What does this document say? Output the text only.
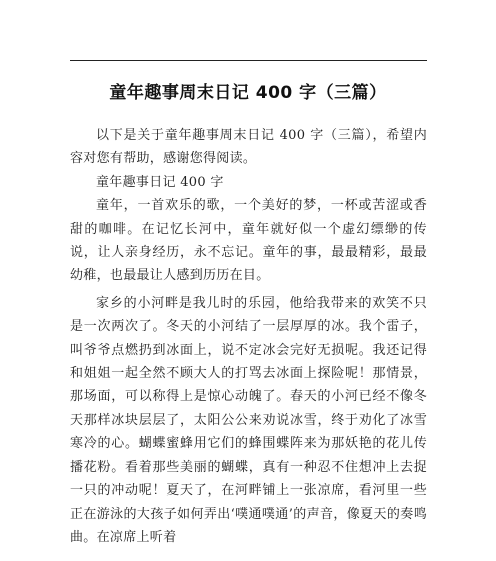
童年趣事周末日记 400 字（三篇）

以下是关于童年趣事周末日记 400 字（三篇），希望内容对您有帮助，感谢您得阅读。

童年趣事日记 400 字

童年，一首欢乐的歌，一个美好的梦，一杯或苦涩或香甜的咖啡。在记忆长河中，童年就好似一个虚幻缥缈的传说，让人亲身经历，永不忘记。童年的事，最最精彩，最最幼稚，也最最让人感到历历在目。

家乡的小河畔是我儿时的乐园，他给我带来的欢笑不只是一次两次了。冬天的小河结了一层厚厚的冰。我个雷子，叫爷爷点燃扔到冰面上，说不定冰会完好无损呢。我还记得和姐姐一起全然不顾大人的打骂去冰面上探险呢！那情景，那场面，可以称得上是惊心动魄了。春天的小河已经不像冬天那样冰块层层了，太阳公公来劝说冰雪，终于劝化了冰雪寒冷的心。蝴蝶蜜蜂用它们的蜂围蝶阵来为那妖艳的花儿传播花粉。看着那些美丽的蝴蝶，真有一种忍不住想冲上去捉一只的冲动呢！夏天了，在河畔铺上一张凉席，看河里一些正在游泳的大孩子如何弄出‘噗通噗通’的声音，像夏天的奏鸣曲。在凉席上听着
